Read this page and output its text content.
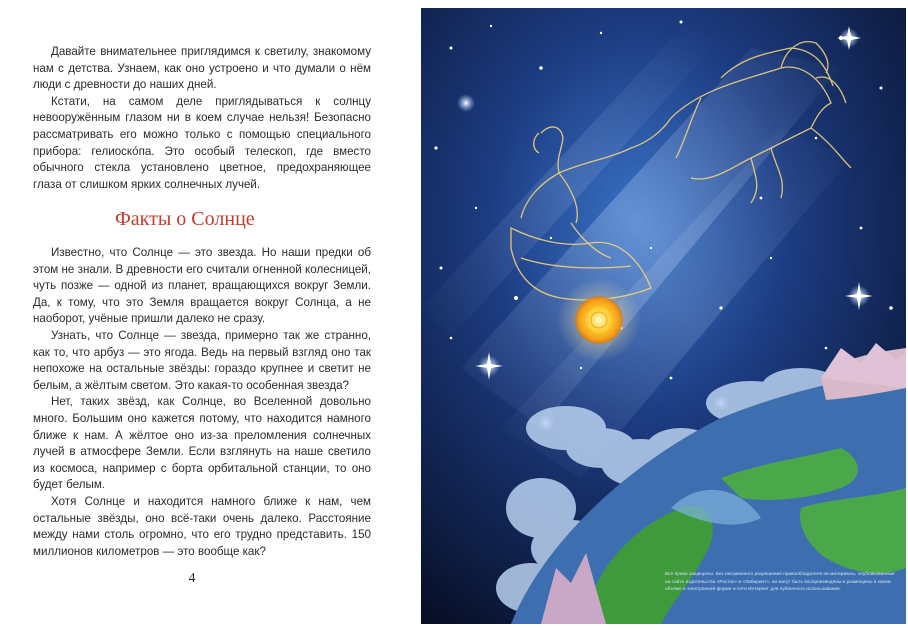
Давайте внимательнее приглядимся к светилу, знакомому нам с детства. Узнаем, как оно устроено и что думали о нём люди с древности до наших дней.

Кстати, на самом деле приглядываться к солнцу невооружённым глазом ни в коем случае нельзя! Безопасно рассматривать его можно только с помощью специального прибора: гелиоско́па. Это особый телескоп, где вместо обычного стекла установлено цветное, предохраняющее глаза от слишком ярких солнечных лучей.

Факты о Солнце

Известно, что Солнце — это звезда. Но наши предки об этом не знали. В древности его считали огненной колесницей, чуть позже — одной из планет, вращающихся вокруг Земли. Да, к тому, что это Земля вращается вокруг Солнца, а не наоборот, учёные пришли далеко не сразу.

Узнать, что Солнце — звезда, примерно так же странно, как то, что арбуз — это ягода. Ведь на первый взгляд оно так непохоже на остальные звёзды: гораздо крупнее и светит не белым, а жёлтым светом. Это какая-то особенная звезда?

Нет, таких звёзд, как Солнце, во Вселенной довольно много. Большим оно кажется потому, что находится намного ближе к нам. А жёлтое оно из-за преломления солнечных лучей в атмосфере Земли. Если взглянуть на наше светило из космоса, например с борта орбитальной станции, то оно будет белым.

Хотя Солнце и находится намного ближе к нам, чем остальные звёзды, оно всё-таки очень далеко. Расстояние между нами столь огромно, что его трудно представить. 150 миллионов километров — это вообще как?

4	Все права защищены. Без письменного разрешения правообладателя ни материалы, опубликованные на сайте издательства «Росток» и «Лабиринт», ни могут быть воспроизведены и размещены в каком объёме в электронной форме и сети Интернет для публичного использования.
